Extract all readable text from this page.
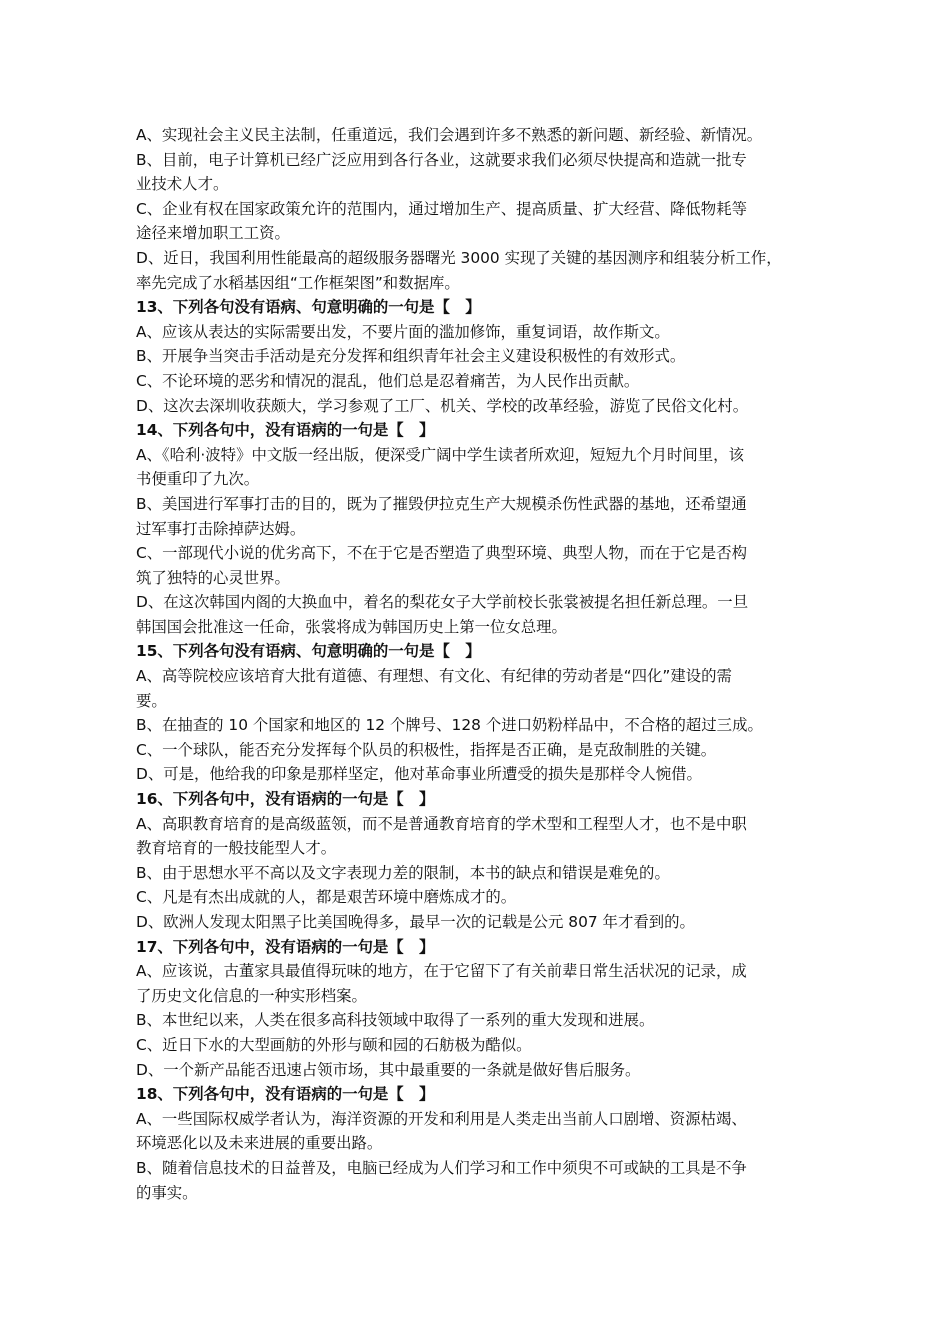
A、实现社会主义民主法制，任重道远，我们会遇到许多不熟悉的新问题、新经验、新情况。
B、目前，电子计算机已经广泛应用到各行各业，这就要求我们必须尽快提高和造就一批专
业技术人才。
C、企业有权在国家政策允许的范围内，通过增加生产、提高质量、扩大经营、降低物耗等
途径来增加职工工资。
D、近日，我国利用性能最高的超级服务器曙光 3000 实现了关键的基因测序和组装分析工作，
率先完成了水稻基因组“工作框架图”和数据库。
13、下列各句没有语病、句意明确的一句是【　】
A、应该从表达的实际需要出发，不要片面的滥加修饰，重复词语，故作斯文。
B、开展争当突击手活动是充分发挥和组织青年社会主义建设积极性的有效形式。
C、不论环境的恶劣和情况的混乱，他们总是忍着痛苦，为人民作出贡献。
D、这次去深圳收获颇大，学习参观了工厂、机关、学校的改革经验，游览了民俗文化村。
14、下列各句中，没有语病的一句是【　】
A、《哈利·波特》中文版一经出版，便深受广阔中学生读者所欢迎，短短九个月时间里，该
书便重印了九次。
B、美国进行军事打击的目的，既为了摧毁伊拉克生产大规模杀伤性武器的基地，还希望通
过军事打击除掉萨达姆。
C、一部现代小说的优劣高下，不在于它是否塑造了典型环境、典型人物，而在于它是否构
筑了独特的心灵世界。
D、在这次韩国内阁的大换血中，着名的梨花女子大学前校长张裳被提名担任新总理。一旦
韩国国会批准这一任命，张裳将成为韩国历史上第一位女总理。
15、下列各句没有语病、句意明确的一句是【　】
A、高等院校应该培育大批有道德、有理想、有文化、有纪律的劳动者是“四化”建设的需
要。
B、在抽查的 10 个国家和地区的 12 个牌号、128 个进口奶粉样品中，不合格的超过三成。
C、一个球队，能否充分发挥每个队员的积极性，指挥是否正确，是克敌制胜的关键。
D、可是，他给我的印象是那样坚定，他对革命事业所遭受的损失是那样令人惋借。
16、下列各句中，没有语病的一句是【　】
A、高职教育培育的是高级蓝领，而不是普通教育培育的学术型和工程型人才，也不是中职
教育培育的一般技能型人才。
B、由于思想水平不高以及文字表现力差的限制，本书的缺点和错误是难免的。
C、凡是有杰出成就的人，都是艰苦环境中磨炼成才的。
D、欧洲人发现太阳黑子比美国晚得多，最早一次的记载是公元 807 年才看到的。
17、下列各句中，没有语病的一句是【　】
A、应该说，古董家具最值得玩味的地方，在于它留下了有关前辈日常生活状况的记录，成
了历史文化信息的一种实形档案。
B、本世纪以来，人类在很多高科技领域中取得了一系列的重大发现和进展。
C、近日下水的大型画舫的外形与颐和园的石舫极为酷似。
D、一个新产品能否迅速占领市场，其中最重要的一条就是做好售后服务。
18、下列各句中，没有语病的一句是【　】
A、一些国际权威学者认为，海洋资源的开发和利用是人类走出当前人口剧增、资源枯竭、
环境恶化以及未来进展的重要出路。
B、随着信息技术的日益普及，电脑已经成为人们学习和工作中须臾不可或缺的工具是不争
的事实。
